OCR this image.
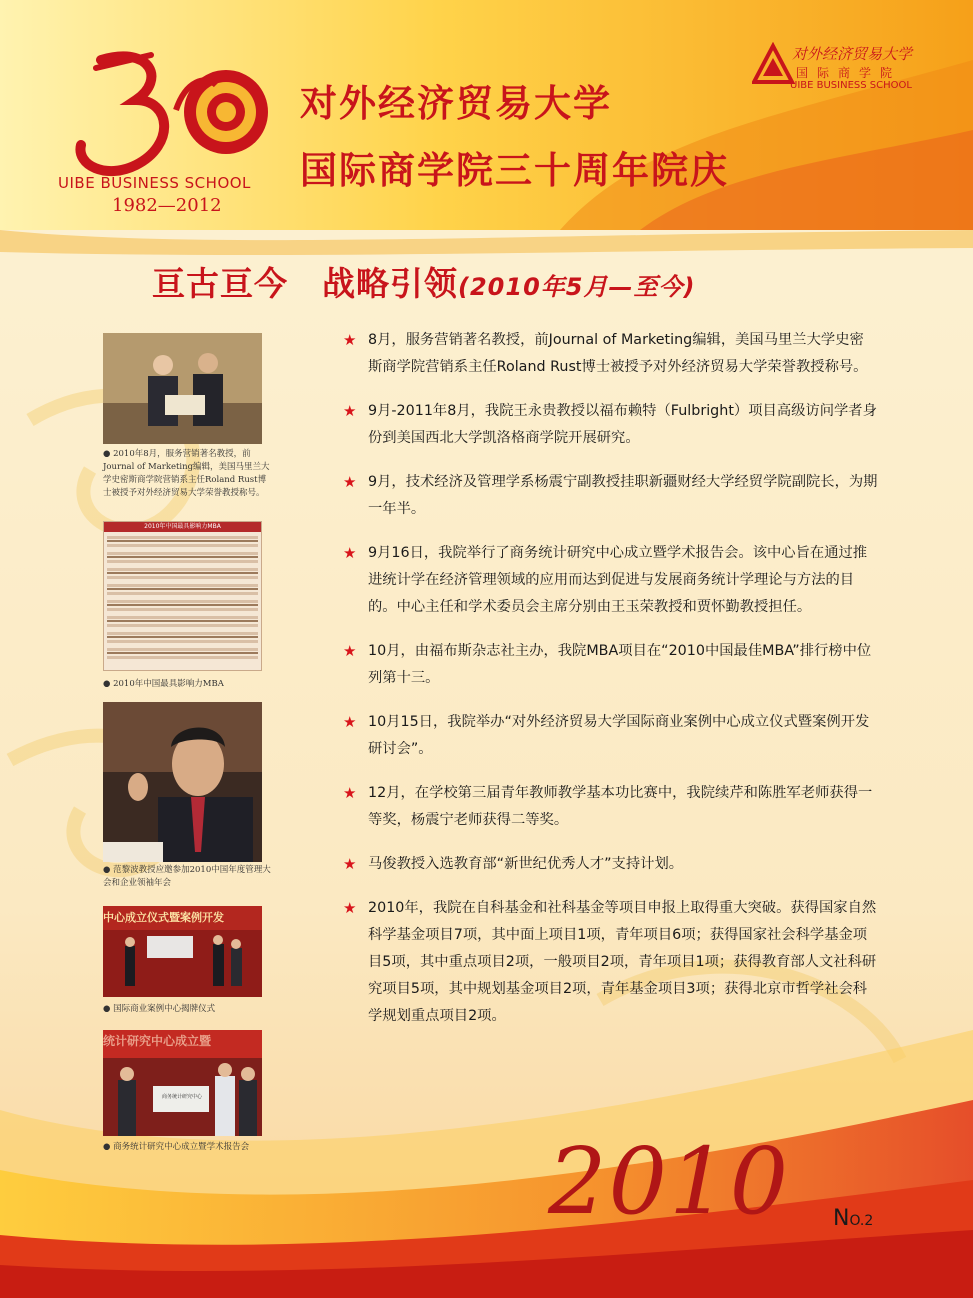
UIBE BUSINESS SCHOOL
1982—2012
对外经济贸易大学
国际商学院三十周年院庆
对外经济贸易大学
国际商学院
UIBE BUSINESS SCHOOL
亘古亘今　战略引领(2010年5月—至今)
● 2010年8月，服务营销著名教授，前Journal of Marketing编辑，美国马里兰大学史密斯商学院营销系主任Roland Rust博士被授予对外经济贸易大学荣誉教授称号。
2010年中国最具影响力MBA
● 2010年中国最具影响力MBA
● 范黎波教授应邀参加2010中国年度管理大会和企业领袖年会
中心成立仪式暨案例开发
● 国际商业案例中心揭牌仪式
统计研究中心成立暨
商务统计研究中心
● 商务统计研究中心成立暨学术报告会
★ 8月，服务营销著名教授，前Journal of Marketing编辑，美国马里兰大学史密斯商学院营销系主任Roland Rust博士被授予对外经济贸易大学荣誉教授称号。
★ 9月-2011年8月，我院王永贵教授以福布赖特（Fulbright）项目高级访问学者身份到美国西北大学凯洛格商学院开展研究。
★ 9月，技术经济及管理学系杨震宁副教授挂职新疆财经大学经贸学院副院长，为期一年半。
★ 9月16日，我院举行了商务统计研究中心成立暨学术报告会。该中心旨在通过推进统计学在经济管理领域的应用而达到促进与发展商务统计学理论与方法的目的。中心主任和学术委员会主席分别由王玉荣教授和贾怀勤教授担任。
★ 10月，由福布斯杂志社主办，我院MBA项目在“2010中国最佳MBA”排行榜中位列第十三。
★ 10月15日，我院举办“对外经济贸易大学国际商业案例中心成立仪式暨案例开发研讨会”。
★ 12月，在学校第三届青年教师教学基本功比赛中，我院续芹和陈胜军老师获得一等奖，杨震宁老师获得二等奖。
★ 马俊教授入选教育部“新世纪优秀人才”支持计划。
★ 2010年，我院在自科基金和社科基金等项目申报上取得重大突破。获得国家自然科学基金项目7项，其中面上项目1项，青年项目6项；获得国家社会科学基金项目5项，其中重点项目2项，一般项目2项，青年项目1项；获得教育部人文社科研究项目5项，其中规划基金项目2项，青年基金项目3项；获得北京市哲学社会科学规划重点项目2项。
2010 NO.2
